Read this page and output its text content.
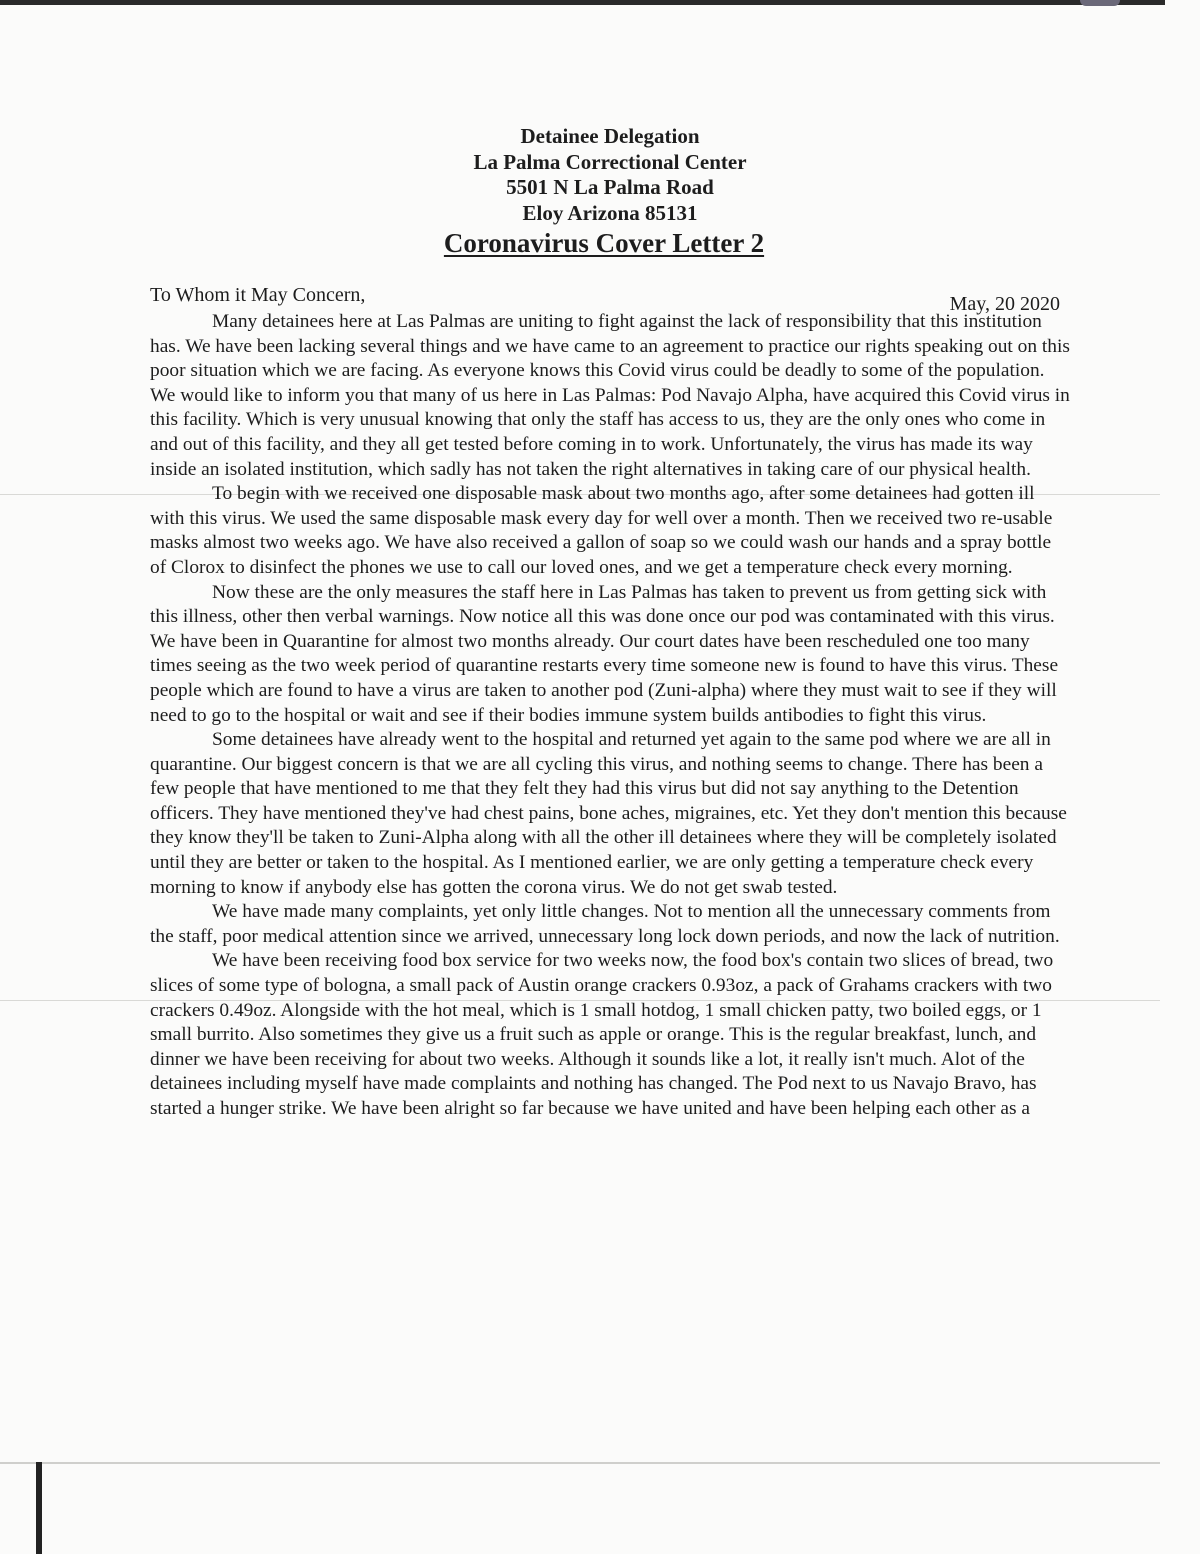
Detainee Delegation
La Palma Correctional Center
5501 N La Palma Road
Eloy Arizona 85131
Coronavirus Cover Letter 2
To Whom it May Concern,	May, 20 2020

Many detainees here at Las Palmas are uniting to fight against the lack of responsibility that this institution has. We have been lacking several things and we have came to an agreement to practice our rights speaking out on this poor situation which we are facing. As everyone knows this Covid virus could be deadly to some of the population. We would like to inform you that many of us here in Las Palmas: Pod Navajo Alpha, have acquired this Covid virus in this facility. Which is very unusual knowing that only the staff has access to us, they are the only ones who come in and out of this facility, and they all get tested before coming in to work. Unfortunately, the virus has made its way inside an isolated institution, which sadly has not taken the right alternatives in taking care of our physical health.

To begin with we received one disposable mask about two months ago, after some detainees had gotten ill with this virus. We used the same disposable mask every day for well over a month. Then we received two re-usable masks almost two weeks ago. We have also received a gallon of soap so we could wash our hands and a spray bottle of Clorox to disinfect the phones we use to call our loved ones, and we get a temperature check every morning.

Now these are the only measures the staff here in Las Palmas has taken to prevent us from getting sick with this illness, other then verbal warnings. Now notice all this was done once our pod was contaminated with this virus. We have been in Quarantine for almost two months already. Our court dates have been rescheduled one too many times seeing as the two week period of quarantine restarts every time someone new is found to have this virus. These people which are found to have a virus are taken to another pod (Zuni-alpha) where they must wait to see if they will need to go to the hospital or wait and see if their bodies immune system builds antibodies to fight this virus.

Some detainees have already went to the hospital and returned yet again to the same pod where we are all in quarantine. Our biggest concern is that we are all cycling this virus, and nothing seems to change. There has been a few people that have mentioned to me that they felt they had this virus but did not say anything to the Detention officers. They have mentioned they've had chest pains, bone aches, migraines, etc. Yet they don't mention this because they know they'll be taken to Zuni-Alpha along with all the other ill detainees where they will be completely isolated until they are better or taken to the hospital. As I mentioned earlier, we are only getting a temperature check every morning to know if anybody else has gotten the corona virus. We do not get swab tested.

We have made many complaints, yet only little changes. Not to mention all the unnecessary comments from the staff, poor medical attention since we arrived, unnecessary long lock down periods, and now the lack of nutrition.

We have been receiving food box service for two weeks now, the food box's contain two slices of bread, two slices of some type of bologna, a small pack of Austin orange crackers 0.93oz, a pack of Grahams crackers with two crackers 0.49oz. Alongside with the hot meal, which is 1 small hotdog, 1 small chicken patty, two boiled eggs, or 1 small burrito. Also sometimes they give us a fruit such as apple or orange. This is the regular breakfast, lunch, and dinner we have been receiving for about two weeks. Although it sounds like a lot, it really isn't much. Alot of the detainees including myself have made complaints and nothing has changed. The Pod next to us Navajo Bravo, has started a hunger strike. We have been alright so far because we have united and have been helping each other as a
